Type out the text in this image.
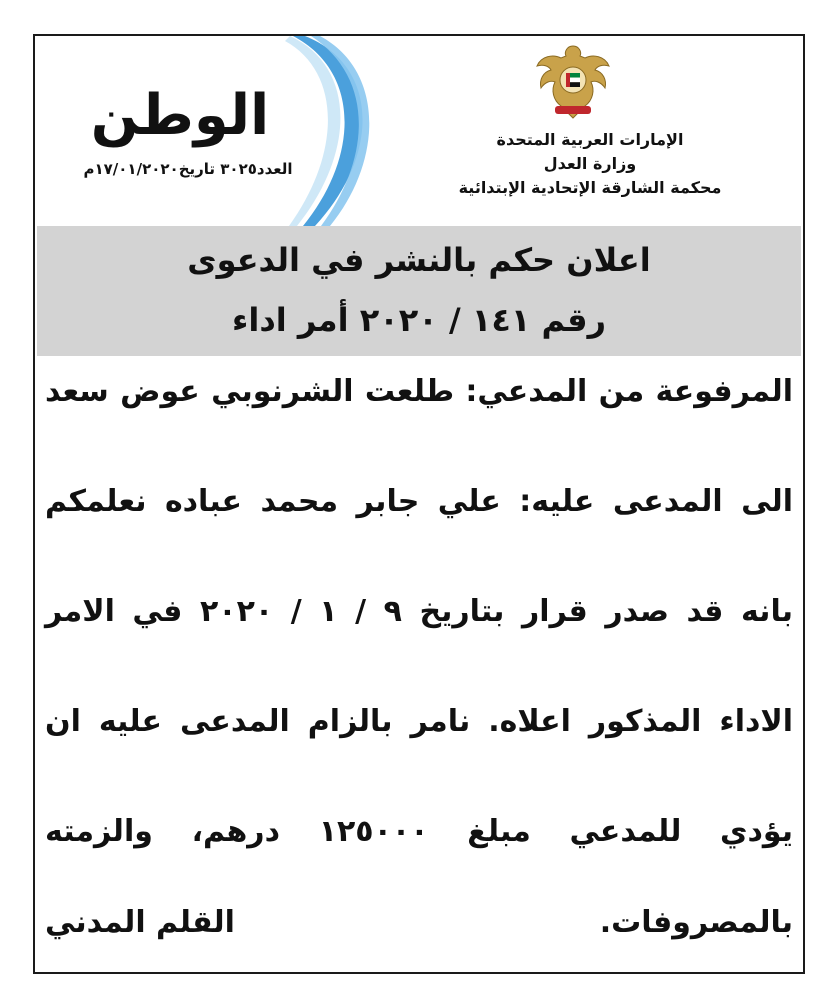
الوطن
العدد٣٠٢٥ تاريخ١٧/٠١/٢٠٢٠م
الإمارات العربية المتحدة
وزارة العدل
محكمة الشارقة الإتحادية الإبتدائية
اعلان حكم بالنشر في الدعوى
رقم ١٤١ / ٢٠٢٠ أمر اداء
المرفوعة من المدعي: طلعت الشرنوبي عوض سعد
الى المدعى عليه: علي جابر محمد عباده نعلمكم
بانه قد صدر قرار بتاريخ ٩ / ١ / ٢٠٢٠ في الامر
الاداء المذكور اعلاه. نامر بالزام المدعى عليه ان
يؤدي للمدعي مبلغ ١٢٥٠٠٠ درهم، والزمته
بالمصروفات.
القلم المدني
